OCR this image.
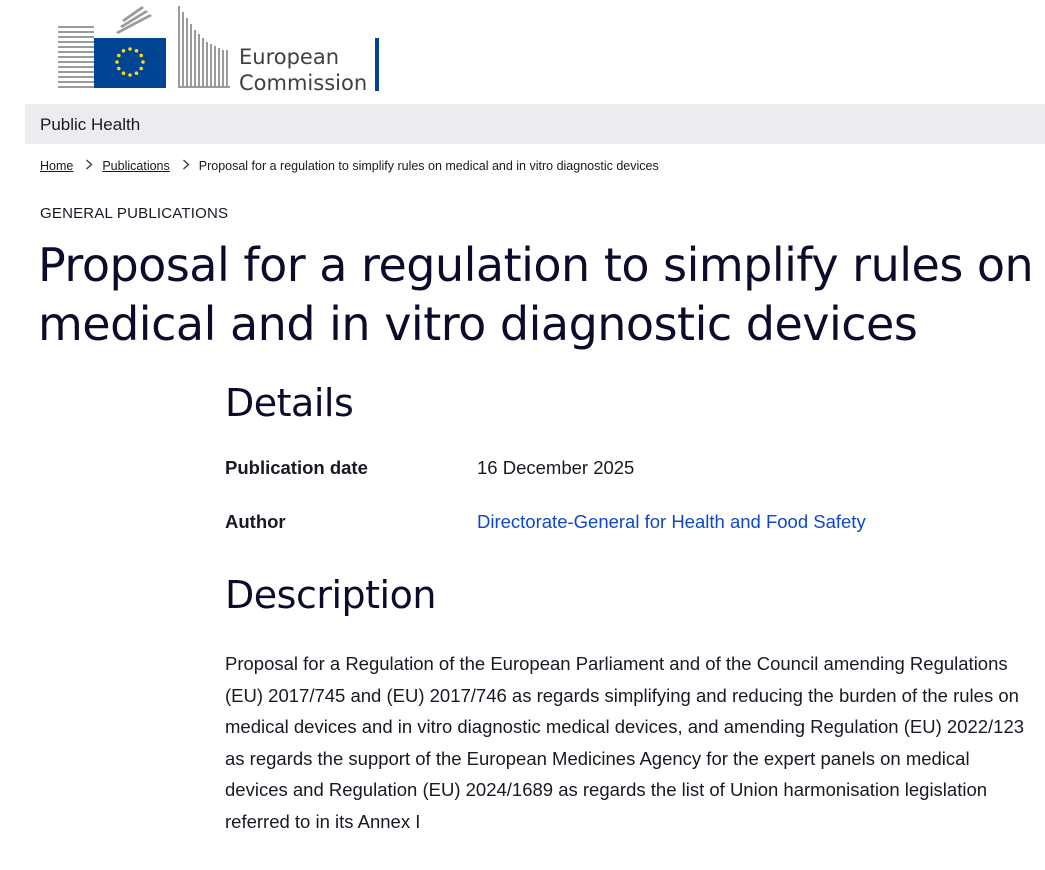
European
Commission
Public Health
Home Publications Proposal for a regulation to simplify rules on medical and in vitro diagnostic devices
GENERAL PUBLICATIONS
Proposal for a regulation to simplify rules on medical and in vitro diagnostic devices
Details
Publication date	16 December 2025
Author	Directorate-General for Health and Food Safety
Description

Proposal for a Regulation of the European Parliament and of the Council amending Regulations (EU) 2017/745 and (EU) 2017/746 as regards simplifying and reducing the burden of the rules on medical devices and in vitro diagnostic medical devices, and amending Regulation (EU) 2022/123 as regards the support of the European Medicines Agency for the expert panels on medical devices and Regulation (EU) 2024/1689 as regards the list of Union harmonisation legislation referred to in its Annex I
